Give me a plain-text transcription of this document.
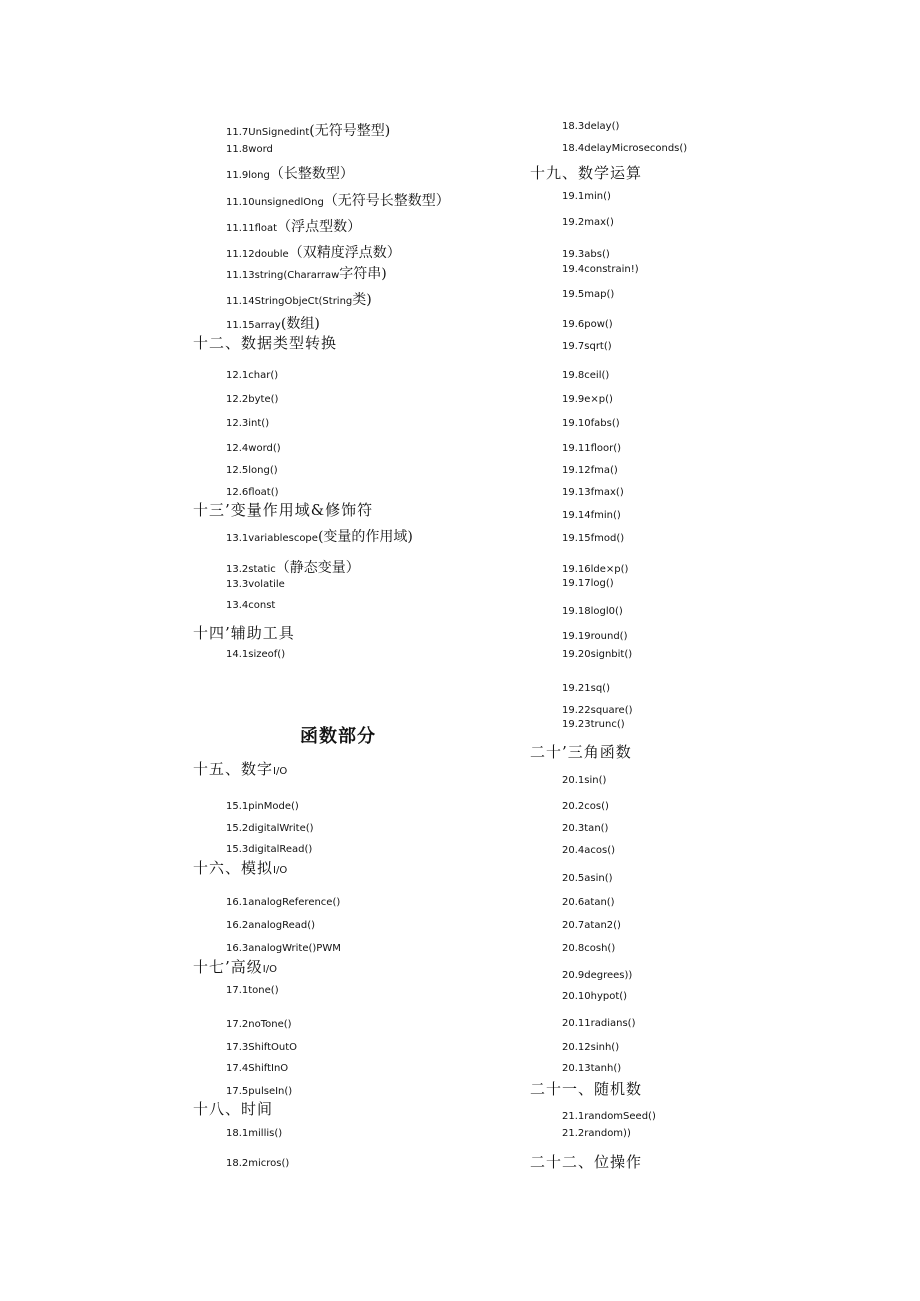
11.7UnSignedint(无符号整型)
11.8word
11.9long（长整数型）
11.10unsignedlOng（无符号长整数型）
11.11float（浮点型数）
11.12double（双精度浮点数）
11.13string(Chararraw字符串)
11.14StringObjeCt(String类)
11.15array(数组)
十二、数据类型转换
12.1char()
12.2byte()
12.3int()
12.4word()
12.5long()
12.6float()
十三’变量作用域&修饰符
13.1variablescope(变量的作用域)
13.2static（静态变量）
13.3volatile
13.4const
十四’辅助工具
14.1sizeof()
函数部分
十五、数字I/O
15.1pinMode()
15.2digitalWrite()
15.3digitalRead()
十六、模拟I/O
16.1analogReference()
16.2analogRead()
16.3analogWrite()PWM
十七’高级I/O
17.1tone()
17.2noTone()
17.3ShiftOutO
17.4ShiftInO
17.5pulseIn()
十八、时间
18.1millis()
18.2micros()
18.3delay()
18.4delayMicroseconds()
十九、数学运算
19.1min()
19.2max()
19.3abs()
19.4constrain!)
19.5map()
19.6pow()
19.7sqrt()
19.8ceil()
19.9e×p()
19.10fabs()
19.11floor()
19.12fma()
19.13fmax()
19.14fmin()
19.15fmod()
19.16lde×p()
19.17log()
19.18logl0()
19.19round()
19.20signbit()
19.21sq()
19.22square()
19.23trunc()
二十’三角函数
20.1sin()
20.2cos()
20.3tan()
20.4acos()
20.5asin()
20.6atan()
20.7atan2()
20.8cosh()
20.9degrees))
20.10hypot()
20.11radians()
20.12sinh()
20.13tanh()
二十一、随机数
21.1randomSeed()
21.2random))
二十二、位操作
